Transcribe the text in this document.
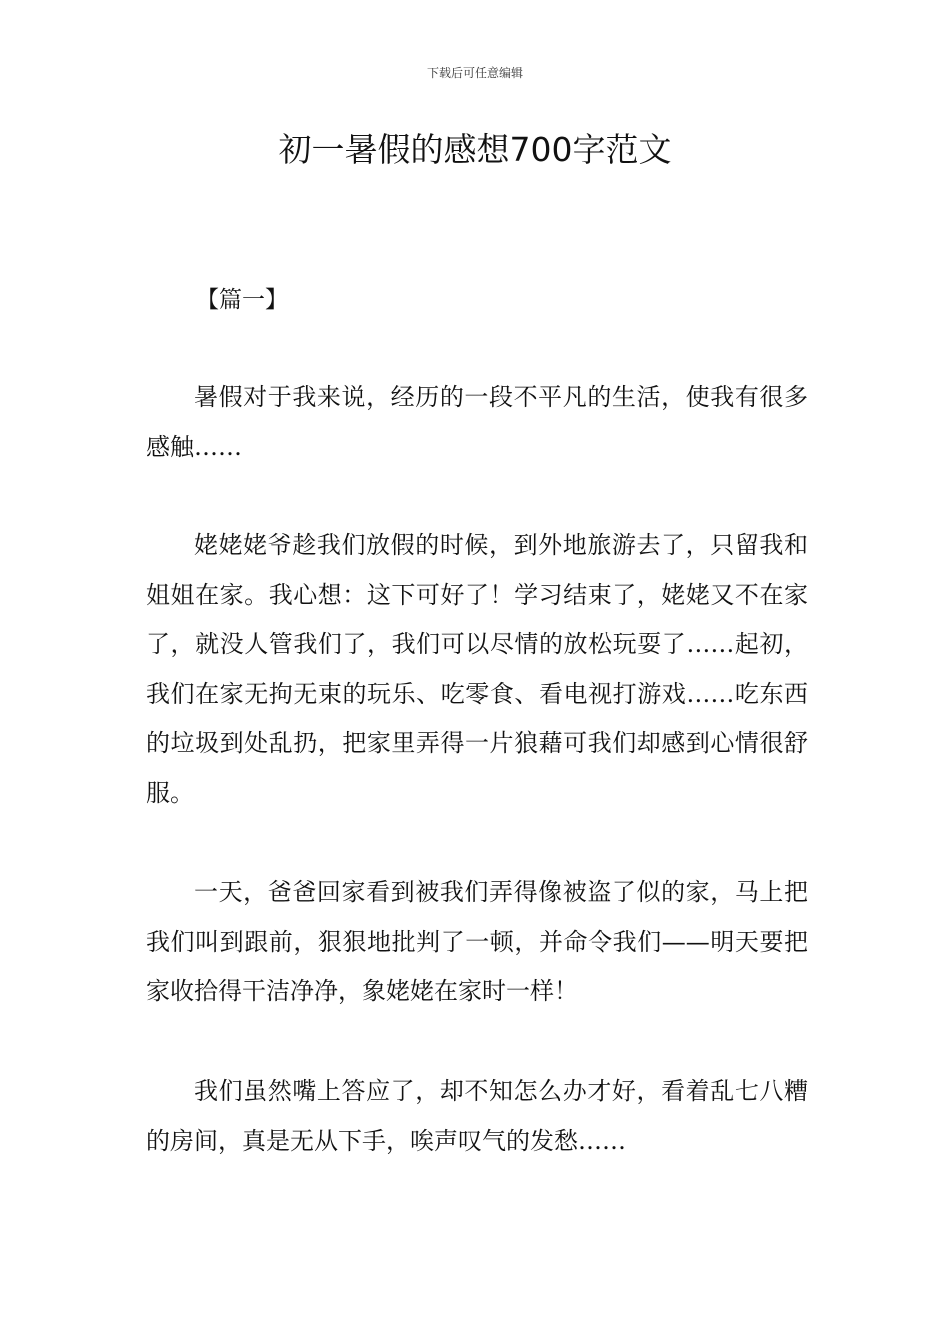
下载后可任意编辑
初一暑假的感想700字范文
【篇一】

暑假对于我来说，经历的一段不平凡的生活，使我有很多感触……

姥姥姥爷趁我们放假的时候，到外地旅游去了，只留我和姐姐在家。我心想：这下可好了！学习结束了，姥姥又不在家了，就没人管我们了，我们可以尽情的放松玩耍了……起初，我们在家无拘无束的玩乐、吃零食、看电视打游戏……吃东西的垃圾到处乱扔，把家里弄得一片狼藉可我们却感到心情很舒服。

一天，爸爸回家看到被我们弄得像被盗了似的家，马上把我们叫到跟前，狠狠地批判了一顿，并命令我们——明天要把家收拾得干洁净净，象姥姥在家时一样！

我们虽然嘴上答应了，却不知怎么办才好，看着乱七八糟的房间，真是无从下手，唉声叹气的发愁……
